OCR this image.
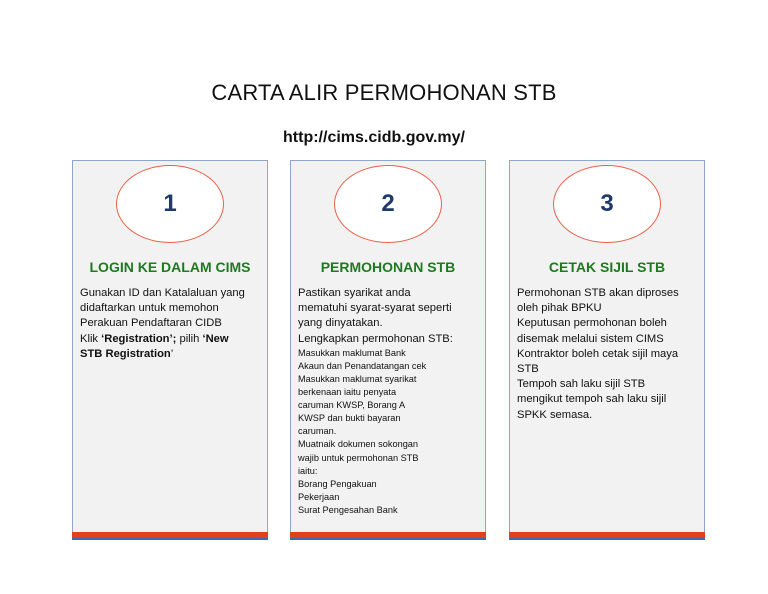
CARTA ALIR PERMOHONAN STB
http://cims.cidb.gov.my/
1
LOGIN KE DALAM CIMS

Gunakan ID dan Katalaluan yang

didaftarkan untuk memohon

Perakuan Pendaftaran CIDB

Klik ‘Registration’; pilih ‘New

STB Registration’

2
PERMOHONAN STB

Pastikan syarikat anda

mematuhi syarat-syarat seperti

yang dinyatakan.

Lengkapkan permohonan STB:

Masukkan maklumat Bank

Akaun dan Penandatangan cek

Masukkan maklumat syarikat

berkenaan iaitu penyata

caruman KWSP, Borang A

KWSP dan bukti bayaran

caruman.

Muatnaik dokumen sokongan

wajib untuk permohonan STB

iaitu:

Borang Pengakuan

Pekerjaan

Surat Pengesahan Bank

3
CETAK SIJIL STB

Permohonan STB akan diproses

oleh pihak BPKU

Keputusan permohonan boleh

disemak melalui sistem CIMS

Kontraktor boleh cetak sijil maya

STB

Tempoh sah laku sijil STB

mengikut tempoh sah laku sijil

SPKK semasa.
